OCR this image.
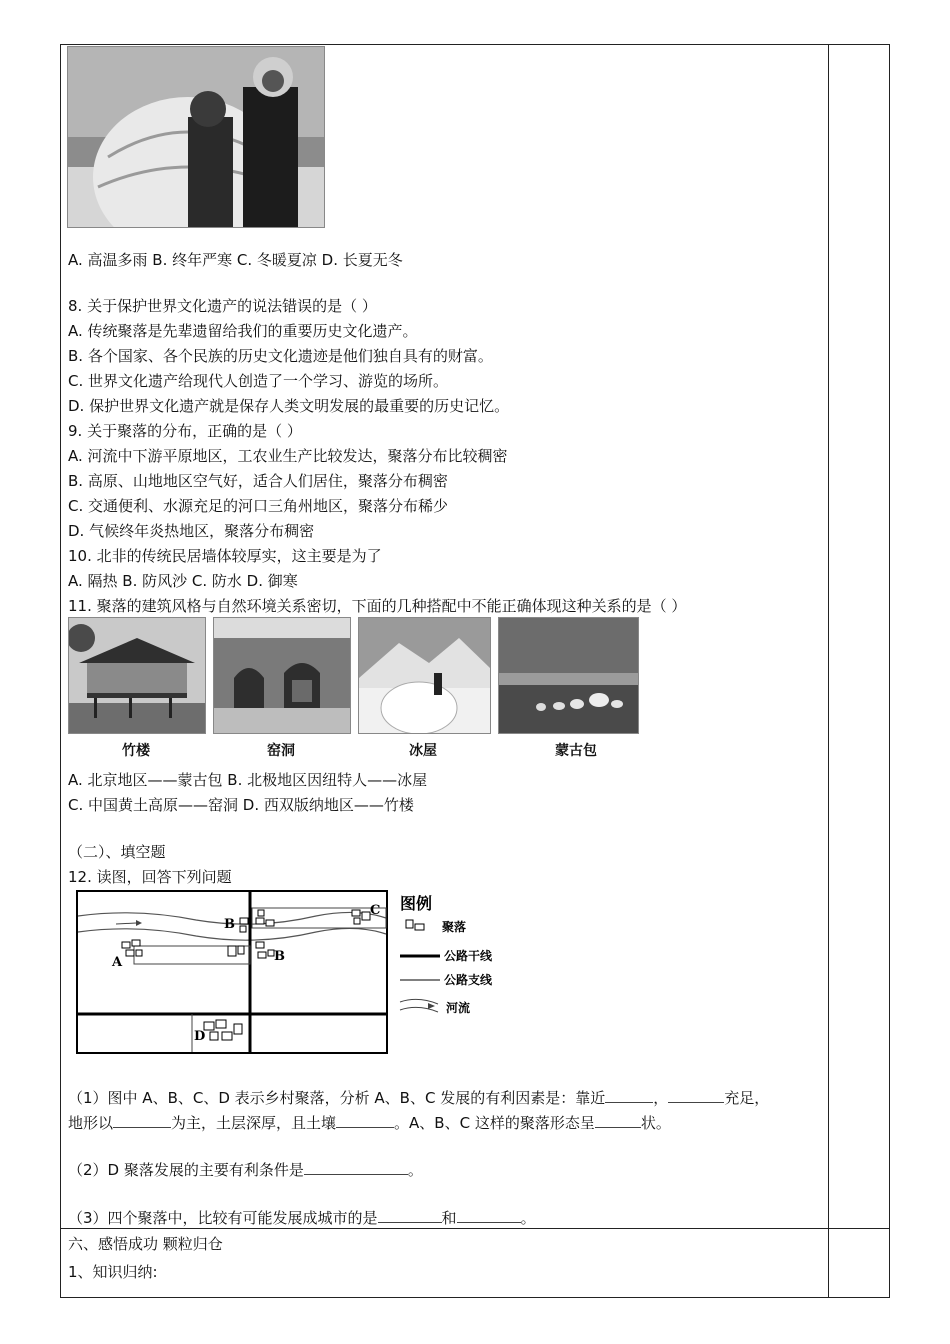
A. 高温多雨 B. 终年严寒 C. 冬暖夏凉 D. 长夏无冬
8. 关于保护世界文化遗产的说法错误的是（ ）
A. 传统聚落是先辈遗留给我们的重要历史文化遗产。
B. 各个国家、各个民族的历史文化遗迹是他们独自具有的财富。
C. 世界文化遗产给现代人创造了一个学习、游览的场所。
D. 保护世界文化遗产就是保存人类文明发展的最重要的历史记忆。
9. 关于聚落的分布，正确的是（ ）
A. 河流中下游平原地区，工农业生产比较发达，聚落分布比较稠密
B. 高原、山地地区空气好，适合人们居住，聚落分布稠密
C. 交通便利、水源充足的河口三角州地区，聚落分布稀少
D. 气候终年炎热地区，聚落分布稠密
10. 北非的传统民居墙体较厚实，这主要是为了
A. 隔热 B. 防风沙 C. 防水 D. 御寒
11. 聚落的建筑风格与自然环境关系密切，下面的几种搭配中不能正确体现这种关系的是（ ）
竹楼	窑洞	冰屋	蒙古包
A. 北京地区——蒙古包 B. 北极地区因纽特人——冰屋
C. 中国黄土高原——窑洞 D. 西双版纳地区——竹楼
（二）、填空题
12. 读图，回答下列问题
A
B
B
C
D
图例
聚落
公路干线
公路支线
河流
（1）图中 A、B、C、D 表示乡村聚落，分析 A、B、C 发展的有利因素是：靠近	，	充足，
地形以	为主，土层深厚，且土壤	。A、B、C 这样的聚落形态呈	状。
（2）D 聚落发展的主要有利条件是	。
（3）四个聚落中，比较有可能发展成城市的是	和	。
六、感悟成功 颗粒归仓
1、知识归纳:
